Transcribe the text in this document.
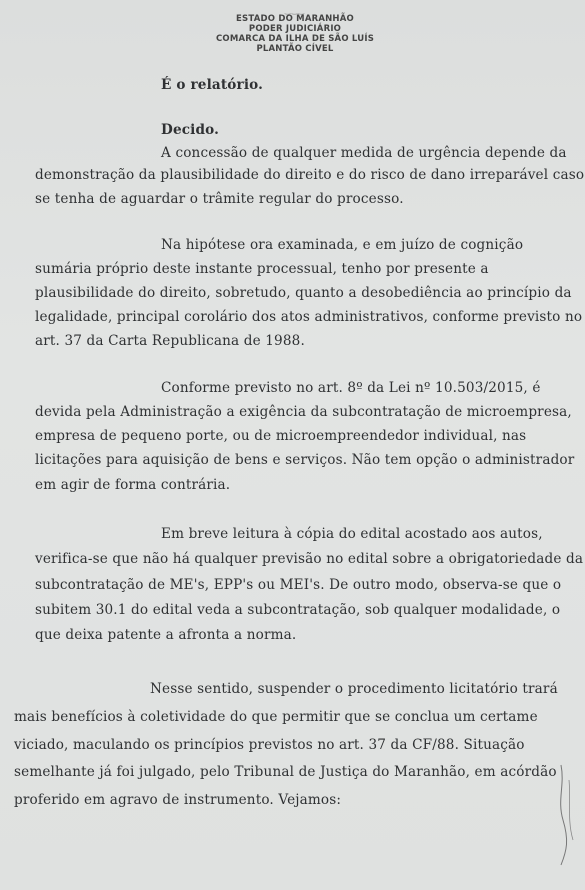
‿‿‿
ESTADO DO MARANHÃO
PODER JUDICIÁRIO
COMARCA DA ILHA DE SÃO LUÍS
PLANTÃO CÍVEL
É o relatório.
Decido.
A concessão de qualquer medida de urgência depende da
demonstração da plausibilidade do direito e do risco de dano irreparável caso
se tenha de aguardar o trâmite regular do processo.
Na hipótese ora examinada, e em juízo de cognição
sumária próprio deste instante processual, tenho por presente a
plausibilidade do direito, sobretudo, quanto a desobediência ao princípio da
legalidade, principal corolário dos atos administrativos, conforme previsto no
art. 37 da Carta Republicana de 1988.
Conforme previsto no art. 8º da Lei nº 10.503/2015, é
devida pela Administração a exigência da subcontratação de microempresa,
empresa de pequeno porte, ou de microempreendedor individual, nas
licitações para aquisição de bens e serviços. Não tem opção o administrador
em agir de forma contrária.
Em breve leitura à cópia do edital acostado aos autos,
verifica-se que não há qualquer previsão no edital sobre a obrigatoriedade da
subcontratação de ME's, EPP's ou MEI's. De outro modo, observa-se que o
subitem 30.1 do edital veda a subcontratação, sob qualquer modalidade, o
que deixa patente a afronta a norma.
Nesse sentido, suspender o procedimento licitatório trará
mais benefícios à coletividade do que permitir que se conclua um certame
viciado, maculando os princípios previstos no art. 37 da CF/88. Situação
semelhante já foi julgado, pelo Tribunal de Justiça do Maranhão, em acórdão
proferido em agravo de instrumento. Vejamos:
